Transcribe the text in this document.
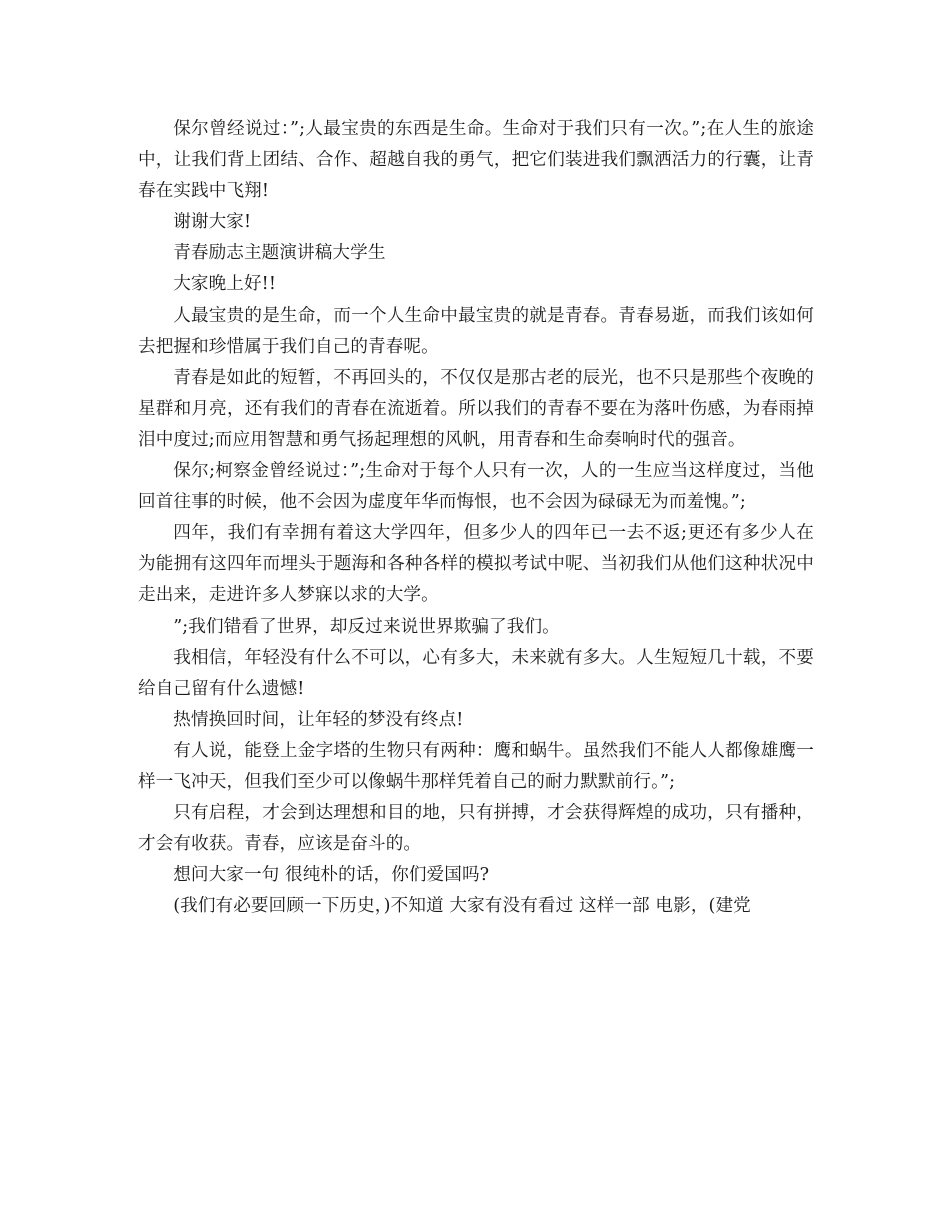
保尔曾经说过：”;人最宝贵的东西是生命。生命对于我们只有一次。”;在人生的旅途中，让我们背上团结、合作、超越自我的勇气，把它们装进我们飘洒活力的行囊，让青春在实践中飞翔!

谢谢大家!

青春励志主题演讲稿大学生

大家晚上好!!

人最宝贵的是生命，而一个人生命中最宝贵的就是青春。青春易逝，而我们该如何去把握和珍惜属于我们自己的青春呢。

青春是如此的短暂，不再回头的，不仅仅是那古老的辰光，也不只是那些个夜晚的星群和月亮，还有我们的青春在流逝着。所以我们的青春不要在为落叶伤感，为春雨掉泪中度过;而应用智慧和勇气扬起理想的风帆，用青春和生命奏响时代的强音。

保尔;柯察金曾经说过：”;生命对于每个人只有一次，人的一生应当这样度过，当他回首往事的时候，他不会因为虚度年华而悔恨，也不会因为碌碌无为而羞愧。”;

四年，我们有幸拥有着这大学四年，但多少人的四年已一去不返;更还有多少人在为能拥有这四年而埋头于题海和各种各样的模拟考试中呢、当初我们从他们这种状况中走出来，走进许多人梦寐以求的大学。

”;我们错看了世界，却反过来说世界欺骗了我们。

我相信，年轻没有什么不可以，心有多大，未来就有多大。人生短短几十载，不要给自己留有什么遗憾!

热情换回时间，让年轻的梦没有终点!

有人说，能登上金字塔的生物只有两种：鹰和蜗牛。虽然我们不能人人都像雄鹰一样一飞冲天，但我们至少可以像蜗牛那样凭着自己的耐力默默前行。”;

只有启程，才会到达理想和目的地，只有拼搏，才会获得辉煌的成功，只有播种，才会有收获。青春，应该是奋斗的。

想问大家一句 很纯朴的话，你们爱国吗?

(我们有必要回顾一下历史，)不知道 大家有没有看过 这样一部 电影，(建党
